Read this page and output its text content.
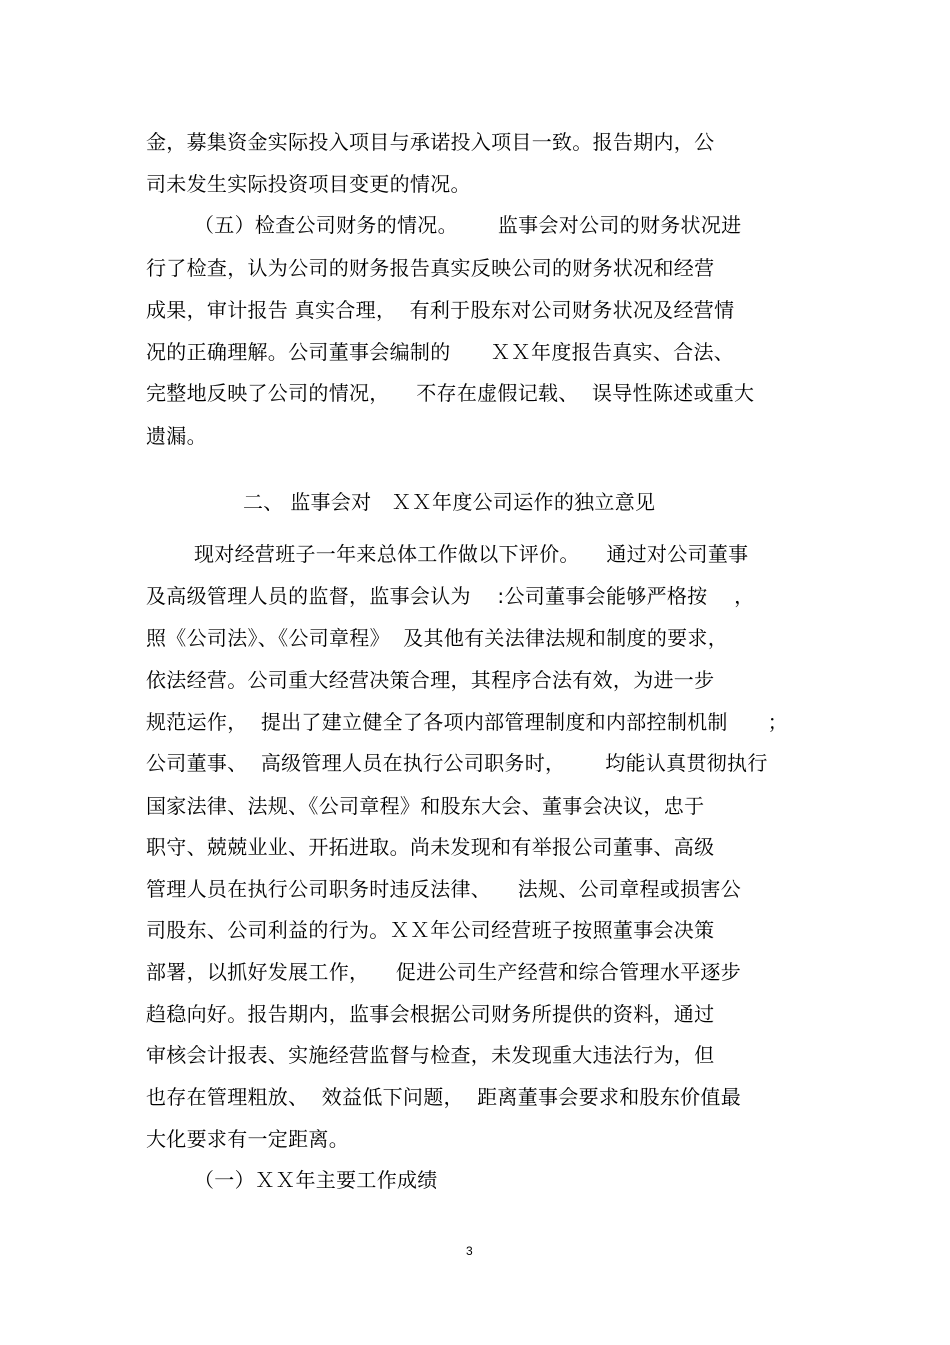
金，募集资金实际投入项目与承诺投入项目一致。报告期内，公
司未发生实际投资项目变更的情况。
（五）检查公司财务的情况。      监事会对公司的财务状况进
行了检查，认为公司的财务报告真实反映公司的财务状况和经营
成果，审计报告 真实合理，  有利于股东对公司财务状况及经营情
况的正确理解。公司董事会编制的      ＸＸ年度报告真实、合法、
完整地反映了公司的情况，    不存在虚假记载、  误导性陈述或重大
遗漏。
二、 监事会对   ＸＸ年度公司运作的独立意见
现对经营班子一年来总体工作做以下评价。    通过对公司董事
及高级管理人员的监督，监事会认为    :公司董事会能够严格按    ，
照《公司法》、《公司章程》  及其他有关法律法规和制度的要求，
依法经营。公司重大经营决策合理，其程序合法有效，为进一步
规范运作，  提出了建立健全了各项内部管理制度和内部控制机制      ；
公司董事、  高级管理人员在执行公司职务时，      均能认真贯彻执行
国家法律、法规、《公司章程》和股东大会、董事会决议，忠于
职守、兢兢业业、开拓进取。尚未发现和有举报公司董事、高级
管理人员在执行公司职务时违反法律、    法规、公司章程或损害公
司股东、公司利益的行为。ＸＸ年公司经营班子按照董事会决策
部署，以抓好发展工作，    促进公司生产经营和综合管理水平逐步
趋稳向好。报告期内，监事会根据公司财务所提供的资料，通过
审核会计报表、实施经营监督与检查，未发现重大违法行为，但
也存在管理粗放、  效益低下问题，  距离董事会要求和股东价值最
大化要求有一定距离。
（一）ＸＸ年主要工作成绩
3
